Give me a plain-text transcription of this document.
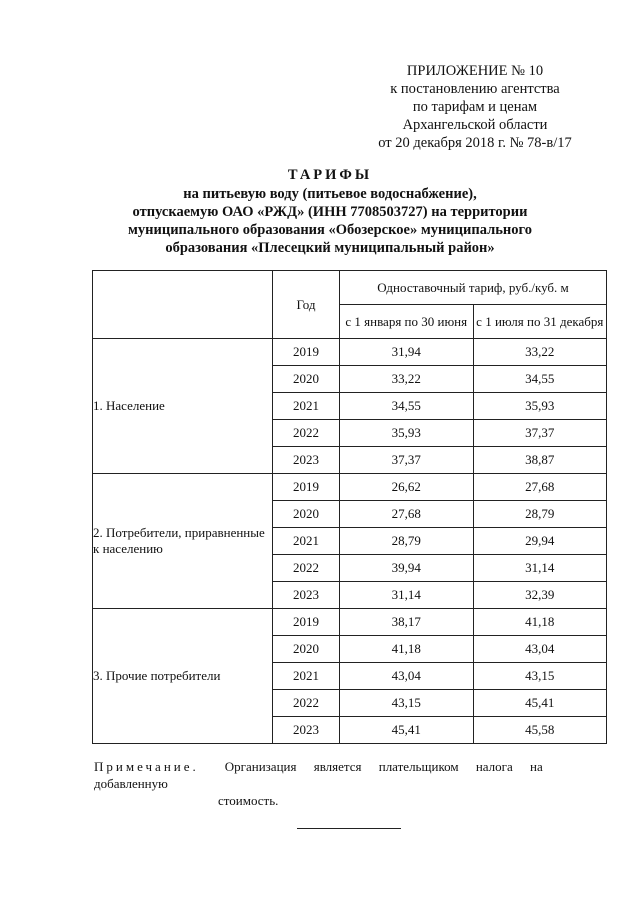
ПРИЛОЖЕНИЕ № 10
к постановлению агентства
по тарифам и ценам
Архангельской области
от 20 декабря 2018 г. № 78-в/17
ТАРИФЫ
на питьевую воду (питьевое водоснабжение),
отпускаемую ОАО «РЖД» (ИНН 7708503727) на территории
муниципального образования «Обозерское» муниципального
образования «Плесецкий муниципальный район»
	Год	Одноставочный тариф, руб./куб. м	
		с 1 января по 30 июня	с 1 июля по 31 декабря
1. Население	2019	31,94	33,22
	2020	33,22	34,55
	2021	34,55	35,93
	2022	35,93	37,37
	2023	37,37	38,87
2. Потребители, приравненные к населению	2019	26,62	27,68
	2020	27,68	28,79
	2021	28,79	29,94
	2022	39,94	31,14
	2023	31,14	32,39
3. Прочие потребители	2019	38,17	41,18
	2020	41,18	43,04
	2021	43,04	43,15
	2022	43,15	45,41
	2023	45,41	45,58
Примечание. Организация является плательщиком налога на добавленную
стоимость.
